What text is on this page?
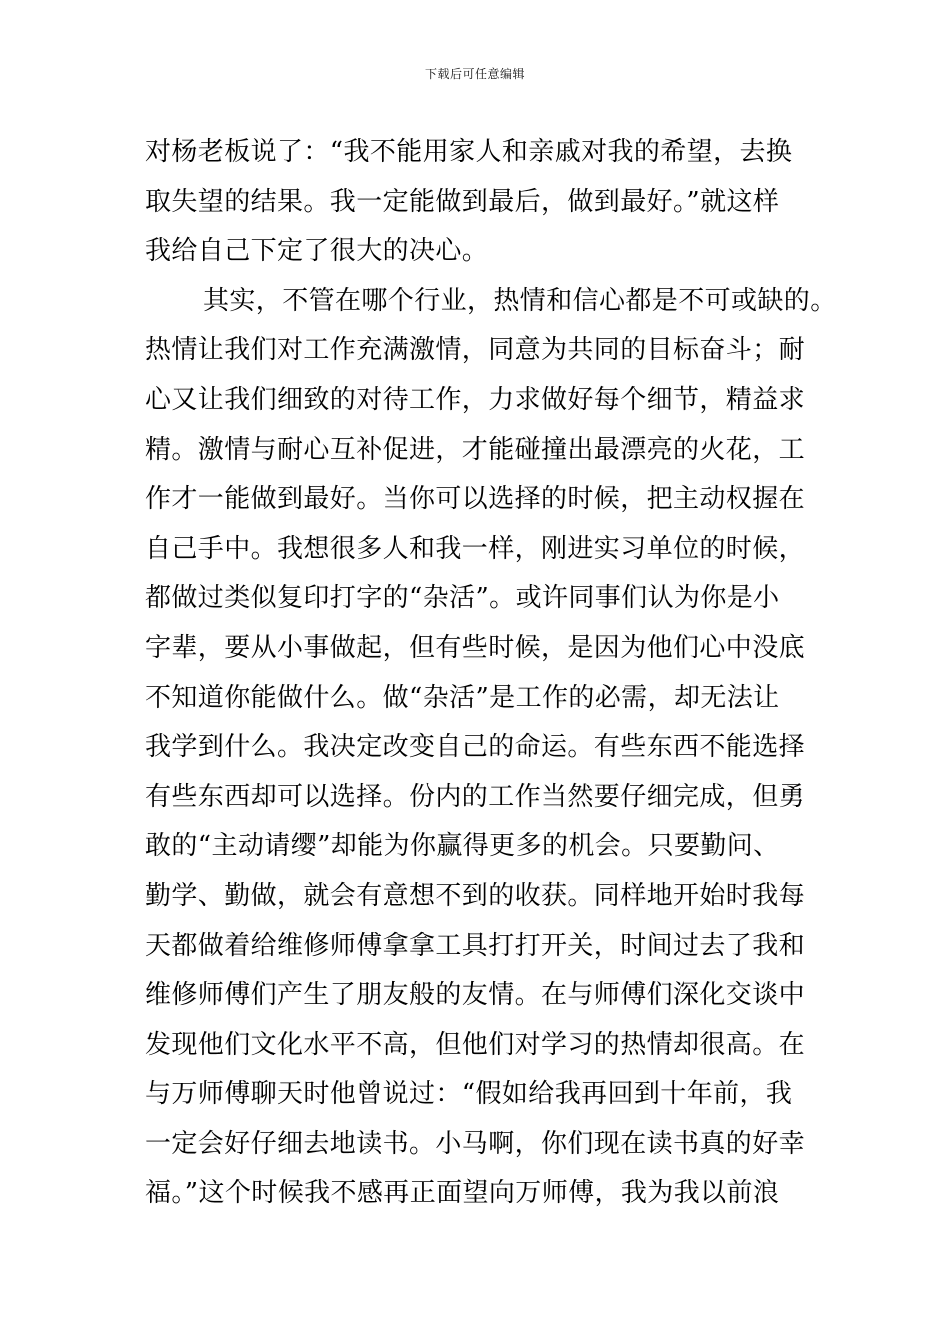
下载后可任意编辑
对杨老板说了：“我不能用家人和亲戚对我的希望，去换
取失望的结果。我一定能做到最后，做到最好。”就这样
我给自己下定了很大的决心。
其实，不管在哪个行业，热情和信心都是不可或缺的。
热情让我们对工作充满激情，同意为共同的目标奋斗；耐
心又让我们细致的对待工作，力求做好每个细节，精益求
精。激情与耐心互补促进，才能碰撞出最漂亮的火花，工
作才一能做到最好。当你可以选择的时候，把主动权握在
自己手中。我想很多人和我一样，刚进实习单位的时候，
都做过类似复印打字的“杂活”。或许同事们认为你是小
字辈，要从小事做起，但有些时候，是因为他们心中没底
不知道你能做什么。做“杂活”是工作的必需，却无法让
我学到什么。我决定改变自己的命运。有些东西不能选择
有些东西却可以选择。份内的工作当然要仔细完成，但勇
敢的“主动请缨”却能为你赢得更多的机会。只要勤问、
勤学、勤做，就会有意想不到的收获。同样地开始时我每
天都做着给维修师傅拿拿工具打打开关，时间过去了我和
维修师傅们产生了朋友般的友情。在与师傅们深化交谈中
发现他们文化水平不高，但他们对学习的热情却很高。在
与万师傅聊天时他曾说过：“假如给我再回到十年前，我
一定会好仔细去地读书。小马啊，你们现在读书真的好幸
福。”这个时候我不感再正面望向万师傅，我为我以前浪
